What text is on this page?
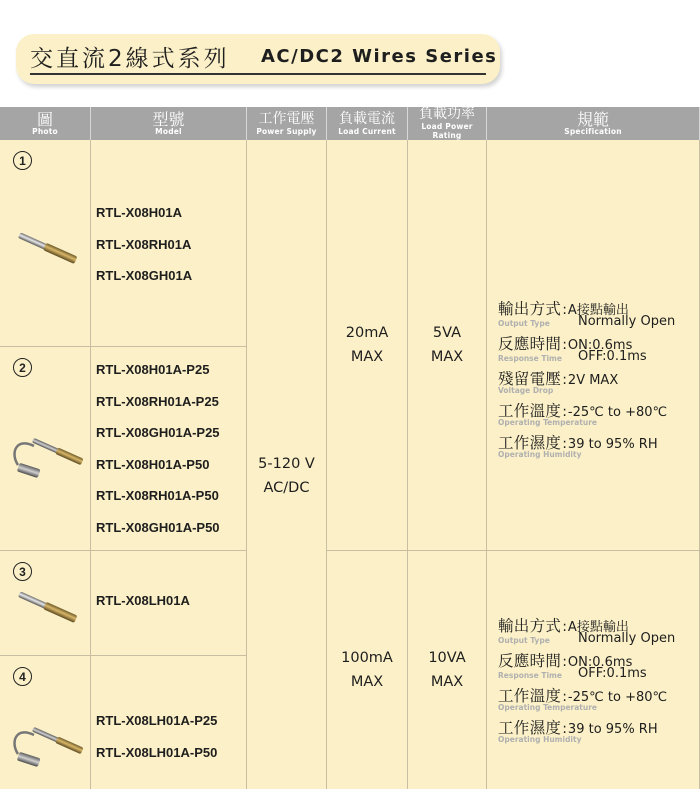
交直流2線式系列 AC/DC2 Wires Series
圖
Photo
型號
Model
工作電壓
Power Supply
負載電流
Load Current
負載功率
Load Power Rating
規範
Specification
1
RTL-X08H01A
RTL-X08RH01A
RTL-X08GH01A
5-120 V
AC/DC
20mA
MAX
5VA
MAX
輸出方式 : A接點輸出
Normally Open
Output Type
反應時間 : ON:0.6ms
OFF:0.1ms
Response Time
殘留電壓 : 2V MAX
Voltage Drop
工作溫度 : -25℃ to +80℃
Operating Temperature
工作濕度 : 39 to 95% RH
Operating Humidity
2	RTL-X08H01A-P25
RTL-X08RH01A-P25
RTL-X08GH01A-P25
RTL-X08H01A-P50
RTL-X08RH01A-P50
RTL-X08GH01A-P50
3
RTL-X08LH01A
100mA
MAX
10VA
MAX
輸出方式 : A接點輸出
Normally Open
Output Type
反應時間 : ON:0.6ms
OFF:0.1ms
Response Time
工作溫度 : -25℃ to +80℃
Operating Temperature
工作濕度 : 39 to 95% RH
Operating Humidity
4
RTL-X08LH01A-P25
RTL-X08LH01A-P50
